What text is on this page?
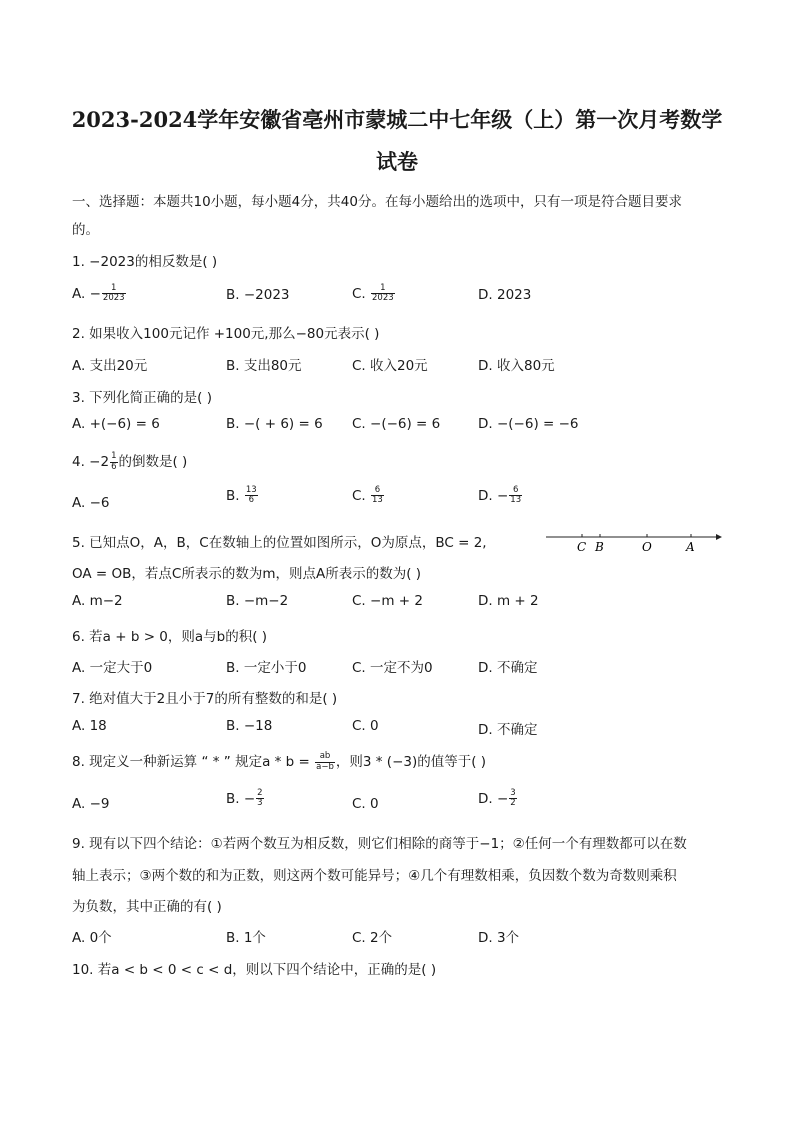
2023-2024学年安徽省亳州市蒙城二中七年级（上）第一次月考数学
试卷
一、选择题：本题共10小题，每小题4分，共40分。在每小题给出的选项中，只有一项是符合题目要求
的。
1. −2023的相反数是( )
A. − $\frac{1}{2023}$	B. −2023	C. $\frac{1}{2023}$	D. 2023
2. 如果收入100元记作 +100元,那么−80元表示( )
A. 支出20元	B. 支出80元	C. 收入20元	D. 收入80元
3. 下列化简正确的是( )
A. +(−6) = 6	B. −( + 6) = 6 C. −(−6) = 6	D. −(−6) = −6
4. $-2 \frac{1}{6}$ 的倒数是( )
A. −6	B. $\frac{13}{6}$	C. $\frac{6}{13}$	D. − $\frac{6}{13}$
5. 已知点O，A，B，C在数轴上的位置如图所示，O为原点，BC = 2,
OA = OB，若点C所表示的数为m，则点A所表示的数为( )
C B	O	A
A. m−2	B. −m−2	C. −m + 2	D. m + 2
6. 若a + b > 0，则a与b的积( )
A. 一定大于0	B. 一定小于0	C. 一定不为0	D. 不确定
7. 绝对值大于2且小于7的所有整数的和是( )
A. 18	B. −18	C. 0	D. 不确定
8. 现定义一种新运算 “ * ” 规定$a * b = \frac{ab}{a-b}$ ，则3 * (−3)的值等于( )
A. −9	B. − $\frac{2}{3}$	C. 0	D. − $\frac{3}{2}$
9. 现有以下四个结论：①若两个数互为相反数，则它们相除的商等于−1；②任何一个有理数都可以在数
轴上表示；③两个数的和为正数，则这两个数可能异号；④几个有理数相乘，负因数个数为奇数则乘积
为负数，其中正确的有( )
A. 0个	B. 1个	C. 2个	D. 3个
10. 若a < b < 0 < c < d，则以下四个结论中，正确的是( )
